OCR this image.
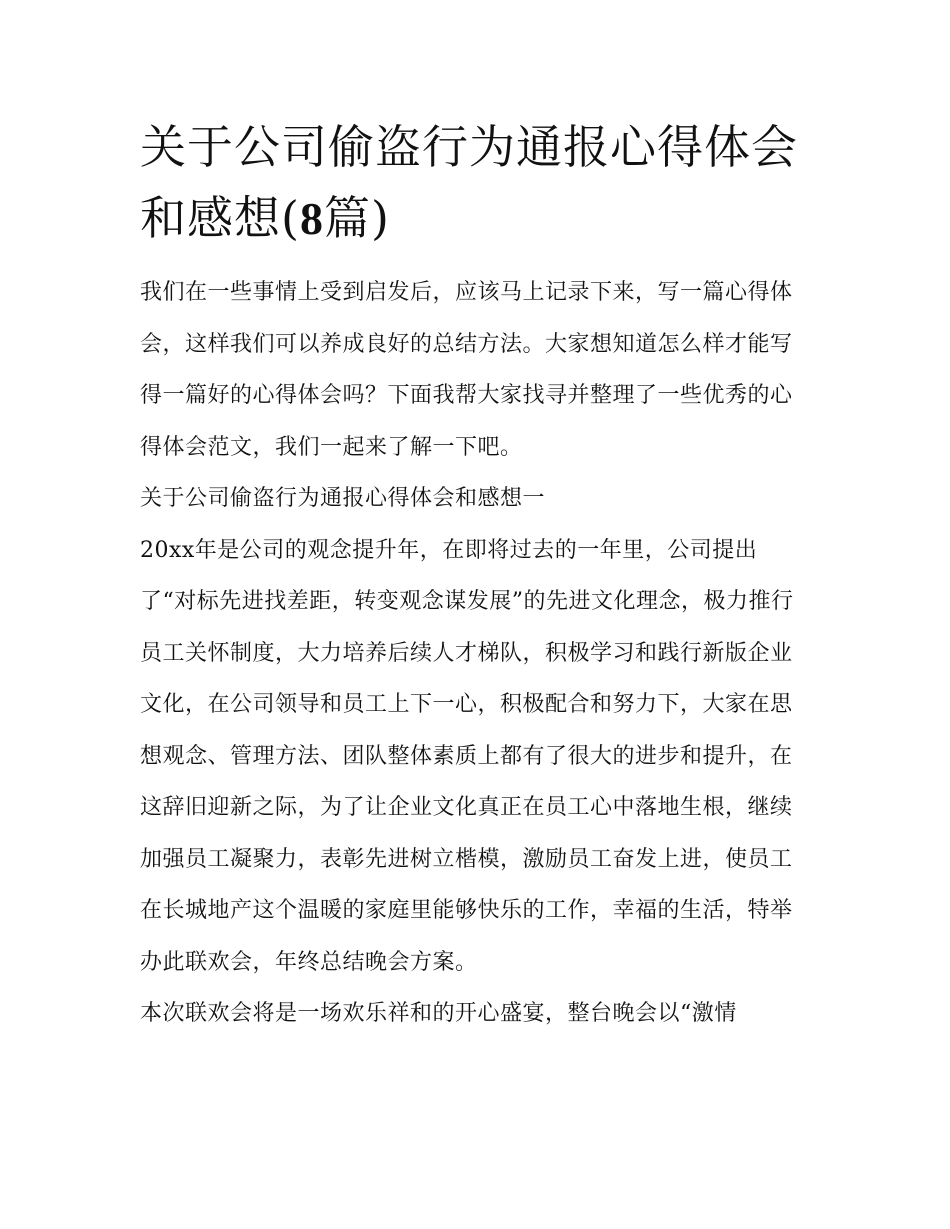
关于公司偷盗行为通报心得体会和感想(8篇)

我们在一些事情上受到启发后，应该马上记录下来，写一篇心得体会，这样我们可以养成良好的总结方法。大家想知道怎么样才能写得一篇好的心得体会吗？下面我帮大家找寻并整理了一些优秀的心得体会范文，我们一起来了解一下吧。

关于公司偷盗行为通报心得体会和感想一

20xx年是公司的观念提升年，在即将过去的一年里，公司提出了“对标先进找差距，转变观念谋发展”的先进文化理念，极力推行员工关怀制度，大力培养后续人才梯队，积极学习和践行新版企业文化，在公司领导和员工上下一心，积极配合和努力下，大家在思想观念、管理方法、团队整体素质上都有了很大的进步和提升，在这辞旧迎新之际，为了让企业文化真正在员工心中落地生根，继续加强员工凝聚力，表彰先进树立楷模，激励员工奋发上进，使员工在长城地产这个温暖的家庭里能够快乐的工作，幸福的生活，特举办此联欢会，年终总结晚会方案。

本次联欢会将是一场欢乐祥和的开心盛宴，整台晚会以“激情
